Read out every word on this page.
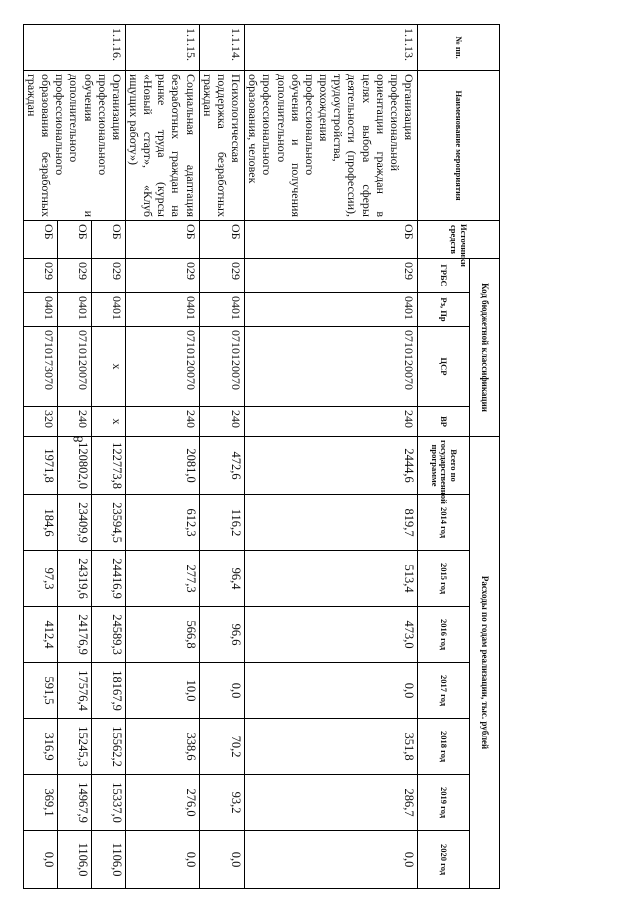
8
№ пп.	Наименование мероприятия	Источники средств	Код бюджетной классификации				Расходы по годам реализации, тыс. рублей							
			ГРБС	Рз, Пр	ЦСР	ВР	Всего по государственной программе	2014 год	2015 год	2016 год	2017 год	2018 год	2019 год	2020 год
1.1.13.	Организация профессиональной ориентации граждан в целях выбора сферы деятельности (профессии), трудоустройства, прохождения профессионального обучения и получения дополнительного профессионального образования, человек	ОБ	029	0401	0710120070	240	2444,6	819,7	513,4	473,0	0,0	351,8	286,7	0,0
1.1.14.	Психологическая поддержка безработных граждан	ОБ	029	0401	0710120070	240	472,6	116,2	96,4	96,6	0,0	70,2	93,2	0,0
1.1.15.	Социальная адаптация безработных граждан на рынке труда (курсы «Новый старт», «Клуб ищущих работу»)	ОБ	029	0401	0710120070	240	2081,0	612,3	277,3	566,8	10,0	338,6	276,0	0,0
1.1.16.	Организация профессионального обучения и дополнительного профессионального образования безработных граждан	ОБ	029	0401	x	x	122773,8	23594,5	24416,9	24589,3	18167,9	15562,2	15337,0	1106,0
		ОБ	029	0401	0710120070	240	120802,0	23409,9	24319,6	24176,9	17576,4	15245,3	14967,9	1106,0
		ОБ	029	0401	0710173070	320	1971,8	184,6	97,3	412,4	591,5	316,9	369,1	0,0
